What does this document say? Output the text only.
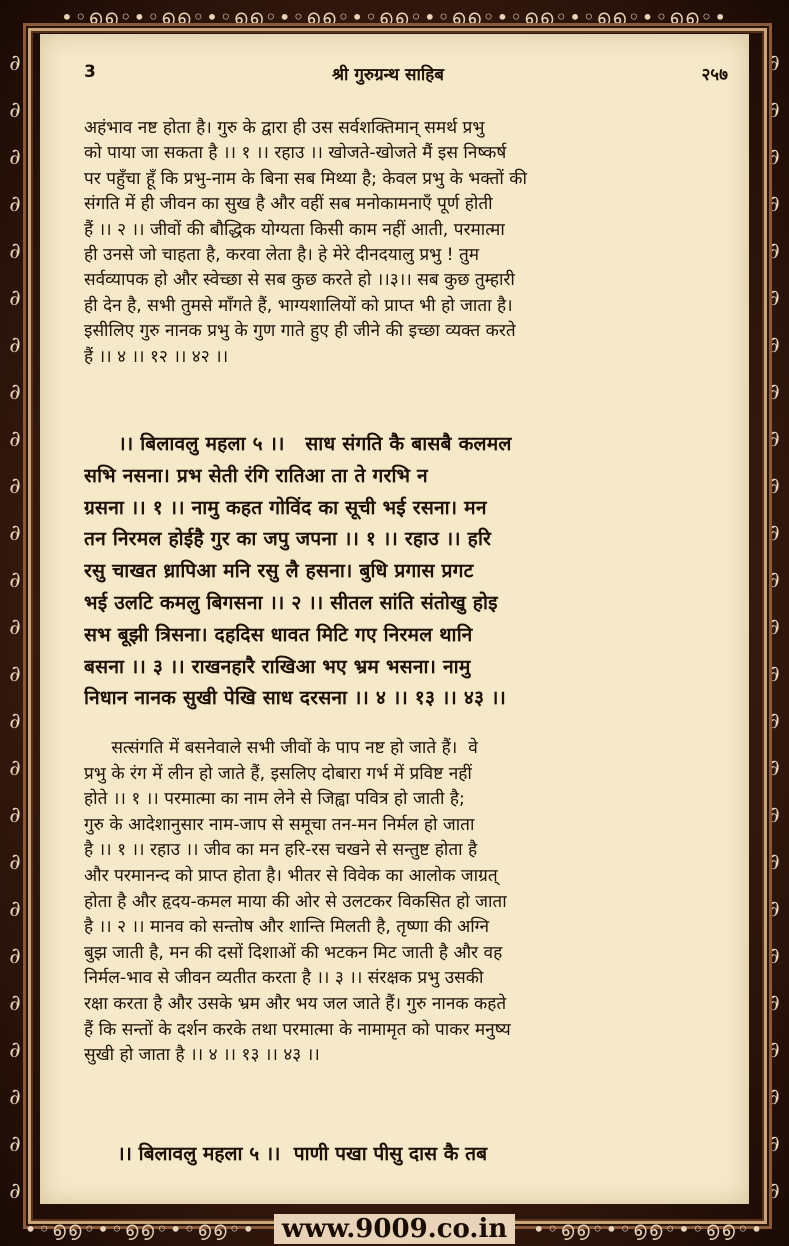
•◦൭൭◦•◦൭൭◦•◦൭൭◦•◦൭൭◦•◦൭൭◦•◦൭൭◦•◦൭൭◦•◦൭൭◦•◦൭൭◦•
∂ ∂ ∂ ∂ ∂ ∂ ∂ ∂ ∂ ∂ ∂ ∂ ∂ ∂ ∂ ∂ ∂ ∂ ∂ ∂ ∂ ∂ ∂ ∂ ∂
∂ ∂ ∂ ∂ ∂ ∂ ∂ ∂ ∂ ∂ ∂ ∂ ∂ ∂ ∂ ∂ ∂ ∂ ∂ ∂ ∂ ∂ ∂ ∂ ∂
3	श्री गुरुग्रन्थ साहिब	२५७
अहंभाव नष्ट होता है। गुरु के द्वारा ही उस सर्वशक्तिमान् समर्थ प्रभु
को पाया जा सकता है ।। १ ।। रहाउ ।। खोजते-खोजते मैं इस निष्कर्ष
पर पहुँचा हूँ कि प्रभु-नाम के बिना सब मिथ्या है; केवल प्रभु के भक्तों की
संगति में ही जीवन का सुख है और वहीं सब मनोकामनाएँ पूर्ण होती
हैं ।। २ ।। जीवों की बौद्धिक योग्यता किसी काम नहीं आती, परमात्मा
ही उनसे जो चाहता है, करवा लेता है। हे मेरे दीनदयालु प्रभु ! तुम
सर्वव्यापक हो और स्वेच्छा से सब कुछ करते हो ।।३।। सब कुछ तुम्हारी
ही देन है, सभी तुमसे माँगते हैं, भाग्यशालियों को प्राप्त भी हो जाता है।
इसीलिए गुरु नानक प्रभु के गुण गाते हुए ही जीने की इच्छा व्यक्त करते
हैं ।। ४ ।। १२ ।। ४२ ।।
।। बिलावलु महला ५ ।।   साध संगति कै बासबै कलमल
सभि नसना। प्रभ सेती रंगि रातिआ ता ते गरभि न
ग्रसना ।। १ ।। नामु कहत गोविंद का सूची भई रसना। मन
तन निरमल होईहै गुर का जपु जपना ।। १ ।। रहाउ ।। हरि
रसु चाखत ध्रापिआ मनि रसु लै हसना। बुधि प्रगास प्रगट
भई उलटि कमलु बिगसना ।। २ ।। सीतल सांति संतोखु होइ
सभ बूझी त्रिसना। दहदिस धावत मिटि गए निरमल थानि
बसना ।। ३ ।। राखनहारै राखिआ भए भ्रम भसना। नामु
निधान नानक सुखी पेखि साध दरसना ।। ४ ।। १३ ।। ४३ ।।
सत्संगति में बसनेवाले सभी जीवों के पाप नष्ट हो जाते हैं।  वे
प्रभु के रंग में लीन हो जाते हैं, इसलिए दोबारा गर्भ में प्रविष्ट नहीं
होते ।। १ ।। परमात्मा का नाम लेने से जिह्वा पवित्र हो जाती है;
गुरु के आदेशानुसार नाम-जाप से समूचा तन-मन निर्मल हो जाता
है ।। १ ।। रहाउ ।। जीव का मन हरि-रस चखने से सन्तुष्ट होता है
और परमानन्द को प्राप्त होता है। भीतर से विवेक का आलोक जाग्रत्
होता है और हृदय-कमल माया की ओर से उलटकर विकसित हो जाता
है ।। २ ।। मानव को सन्तोष और शान्ति मिलती है, तृष्णा की अग्नि
बुझ जाती है, मन की दसों दिशाओं की भटकन मिट जाती है और वह
निर्मल-भाव से जीवन व्यतीत करता है ।। ३ ।। संरक्षक प्रभु उसकी
रक्षा करता है और उसके भ्रम और भय जल जाते हैं। गुरु नानक कहते
हैं कि सन्तों के दर्शन करके तथा परमात्मा के नामामृत को पाकर मनुष्य
सुखी हो जाता है ।। ४ ।। १३ ।। ४३ ।।
।। बिलावलु महला ५ ।।  पाणी पखा पीसु दास कै तब
•◦൭൭◦•◦൭൭◦•◦൭൭◦•	•◦൭൭◦•◦൭൭◦•◦൭൭◦•
www.9009.co.in
